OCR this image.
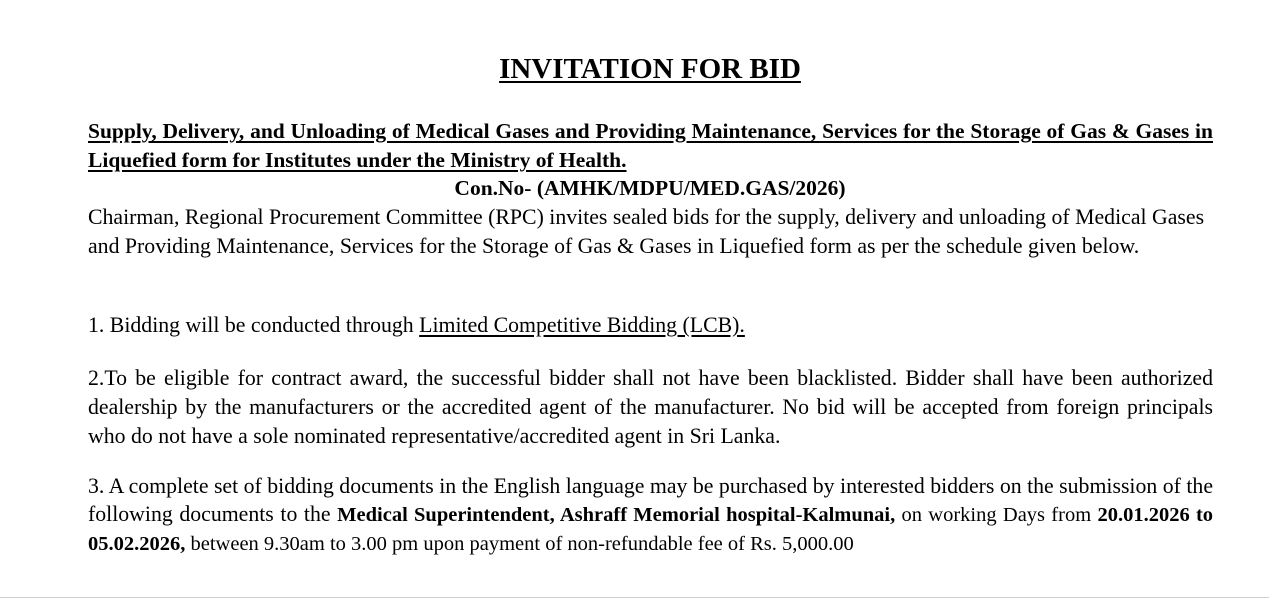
INVITATION FOR BID
Supply, Delivery, and Unloading of Medical Gases and Providing Maintenance, Services for the Storage of Gas & Gases in Liquefied form for Institutes under the Ministry of Health.
Con.No- (AMHK/MDPU/MED.GAS/2026)
Chairman, Regional Procurement Committee (RPC) invites sealed bids for the supply, delivery and unloading of Medical Gases and Providing Maintenance, Services for the Storage of Gas & Gases in Liquefied form as per the schedule given below.
1. Bidding will be conducted through Limited Competitive Bidding (LCB).
2.To be eligible for contract award, the successful bidder shall not have been blacklisted. Bidder shall have been authorized dealership by the manufacturers or the accredited agent of the manufacturer. No bid will be accepted from foreign principals who do not have a sole nominated representative/accredited agent in Sri Lanka.
3. A complete set of bidding documents in the English language may be purchased by interested bidders on the submission of the following documents to the Medical Superintendent, Ashraff Memorial hospital-Kalmunai, on working Days from 20.01.2026 to 05.02.2026, between 9.30am to 3.00 pm upon payment of non-refundable fee of Rs. 5,000.00
